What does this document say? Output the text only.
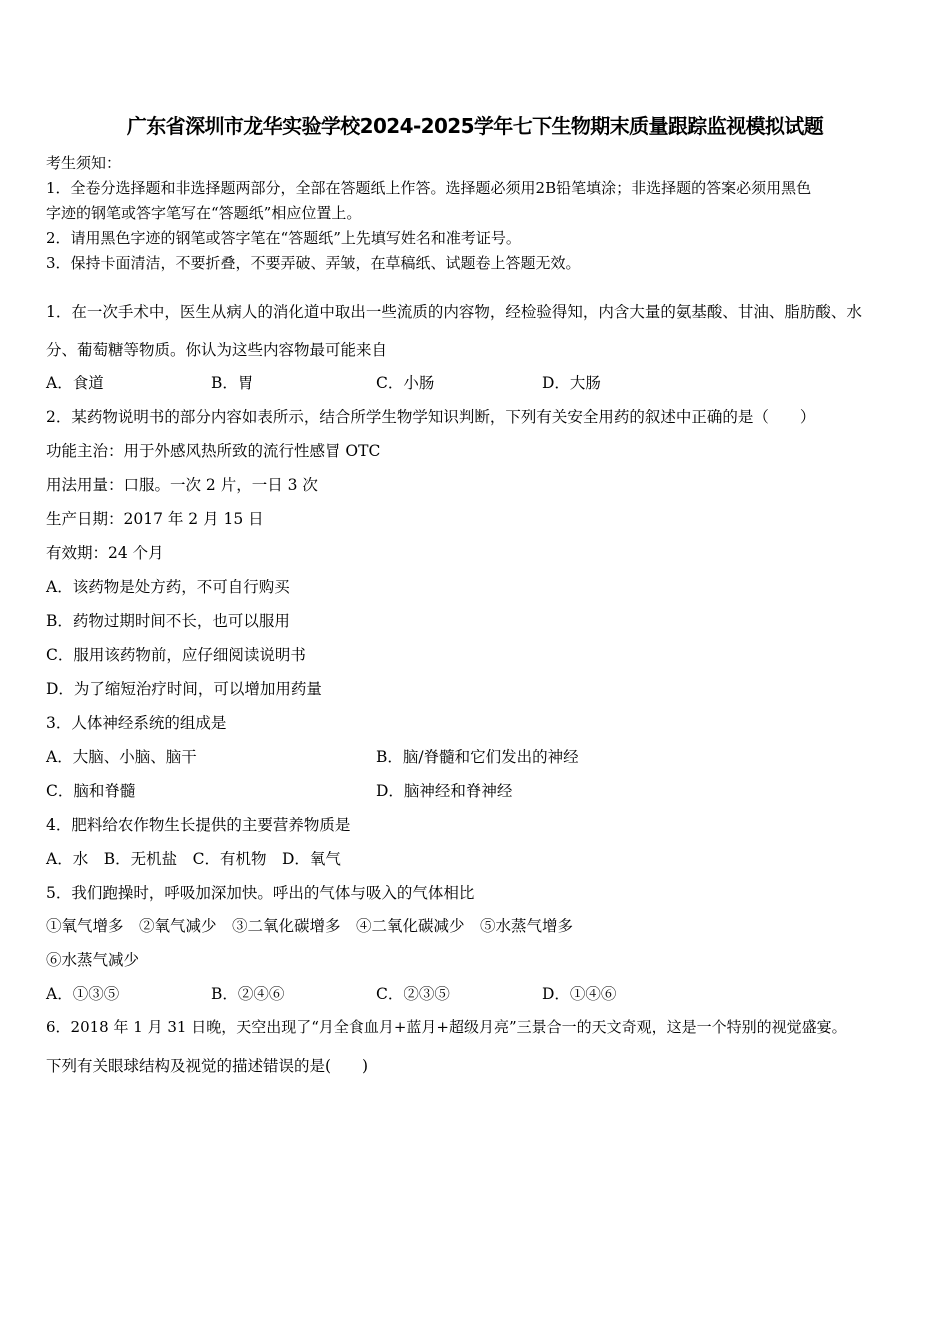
广东省深圳市龙华实验学校2024-2025学年七下生物期末质量跟踪监视模拟试题
考生须知：
1．全卷分选择题和非选择题两部分，全部在答题纸上作答。选择题必须用2B铅笔填涂；非选择题的答案必须用黑色
字迹的钢笔或答字笔写在“答题纸”相应位置上。
2．请用黑色字迹的钢笔或答字笔在“答题纸”上先填写姓名和准考证号。
3．保持卡面清洁，不要折叠，不要弄破、弄皱，在草稿纸、试题卷上答题无效。
1．在一次手术中，医生从病人的消化道中取出一些流质的内容物，经检验得知，内含大量的氨基酸、甘油、脂肪酸、水
分、葡萄糖等物质。你认为这些内容物最可能来自
A．食道	B．胃	C．小肠	D．大肠
2．某药物说明书的部分内容如表所示，结合所学生物学知识判断，下列有关安全用药的叙述中正确的是（　　）
功能主治：用于外感风热所致的流行性感冒 OTC
用法用量：口服。一次 2 片，一日 3 次
生产日期：2017 年 2 月 15 日
有效期：24 个月
A．该药物是处方药，不可自行购买
B．药物过期时间不长，也可以服用
C．服用该药物前，应仔细阅读说明书
D．为了缩短治疗时间，可以增加用药量
3．人体神经系统的组成是
A．大脑、小脑、脑干	B．脑/脊髓和它们发出的神经
C．脑和脊髓	D．脑神经和脊神经
4．肥料给农作物生长提供的主要营养物质是
A．水　B．无机盐　C．有机物　D．氧气
5．我们跑操时，呼吸加深加快。呼出的气体与吸入的气体相比
①氧气增多　②氧气减少　③二氧化碳增多　④二氧化碳减少　⑤水蒸气增多
⑥水蒸气减少
A．①③⑤	B．②④⑥	C．②③⑤	D．①④⑥
6．2018 年 1 月 31 日晚，天空出现了“月全食血月+蓝月+超级月亮”三景合一的天文奇观，这是一个特别的视觉盛宴。
下列有关眼球结构及视觉的描述错误的是(　　)
